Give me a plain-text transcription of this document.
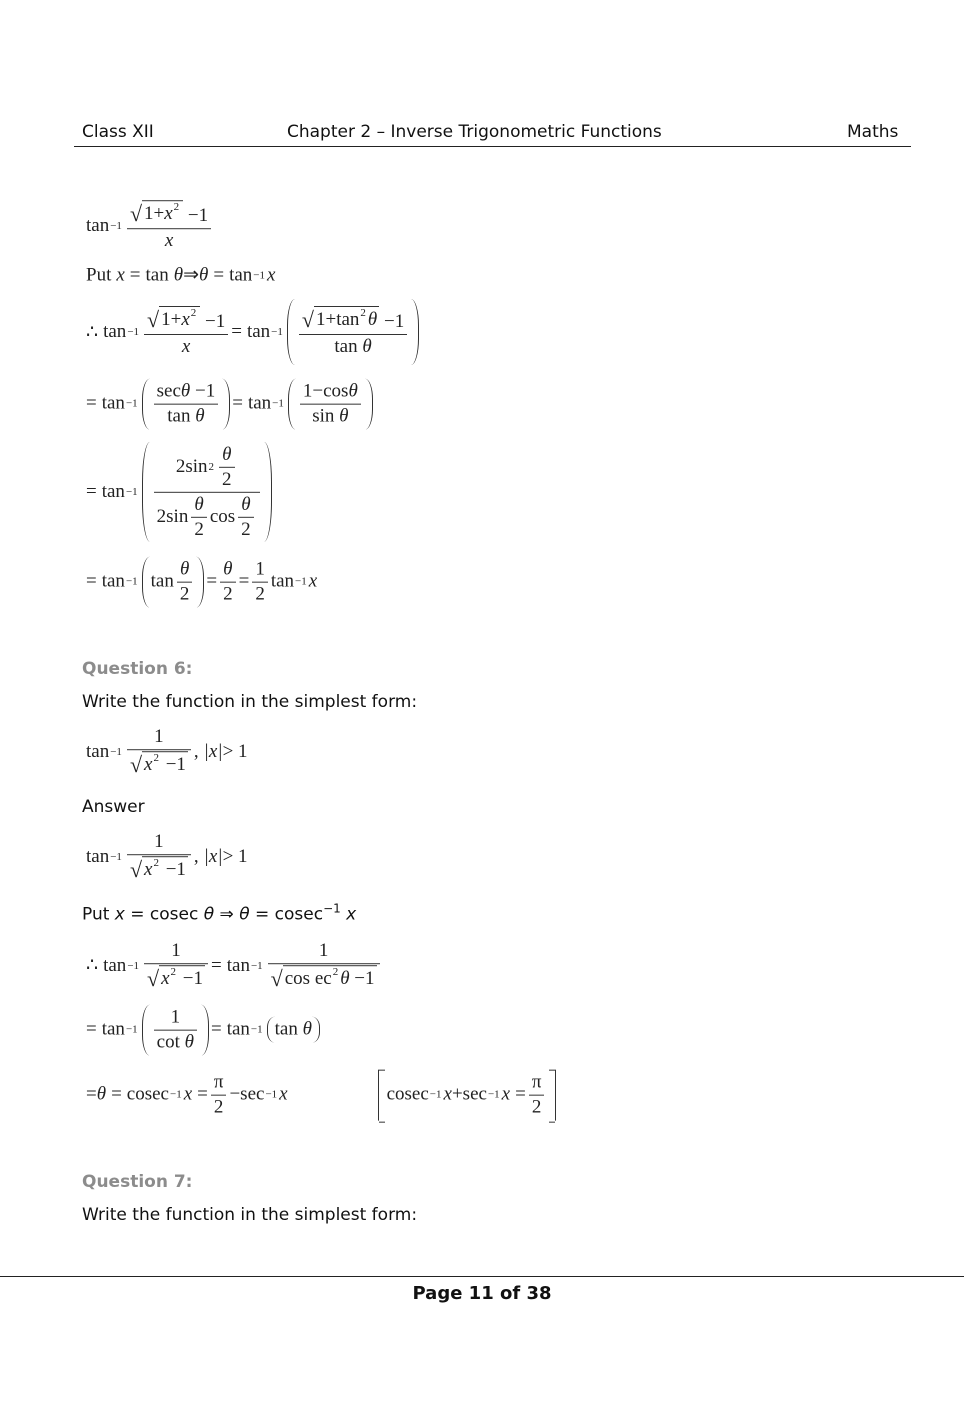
Class XII	Chapter 2 – Inverse Trigonometric Functions	Maths
$\tan -1 \frac{√ 1+x^2 -1}{x}$
Put x = tan θ ⇒ θ = tan −1 x
∴ $\tan -1 \frac{√ 1+x^2 -1}{x} = \tan -1 \frac{√ 1+\tan^2 \theta -1}{\text{tan θ}}$
= $\tan -1 \frac{\sec\theta -1}{\text{tan θ}} = \tan -1 \frac{1-\cos\theta}{\text{sin θ}}$
= $\tan -1 \frac{2\sin 2 \frac{\theta}{2}}{2\sin \frac{\theta}{2} \cos \frac{\theta}{2}}$
= tan −1 $\tan \frac{\theta}{2} = \frac{\theta}{2} = \frac{1}{2}$ tan −1 x
Question 6:
Write the function in the simplest form:
$\tan -1 \frac{1}{√ x^2 -1}$ , |x| > 1
Answer
$\tan -1 \frac{1}{√ x^2 -1}$ , |x| > 1
Put x = cosec θ ⇒ θ = cosec$^{-1}$ x
∴ $\tan -1 \frac{1}{√ x^2 -1} = \tan -1 \frac{1}{√ \cos ec^2 \theta -1}$
= $\tan -1 \frac{1}{\text{cot θ}} = \tan -1$ tan
θ
= θ = cosec −1 $x = \frac{\pi}{2} - \sec -1$ x	cosec −1 x + sec −1 $x = \frac{\pi}{2}$
Question 7:
Write the function in the simplest form:
Page 11 of 38
